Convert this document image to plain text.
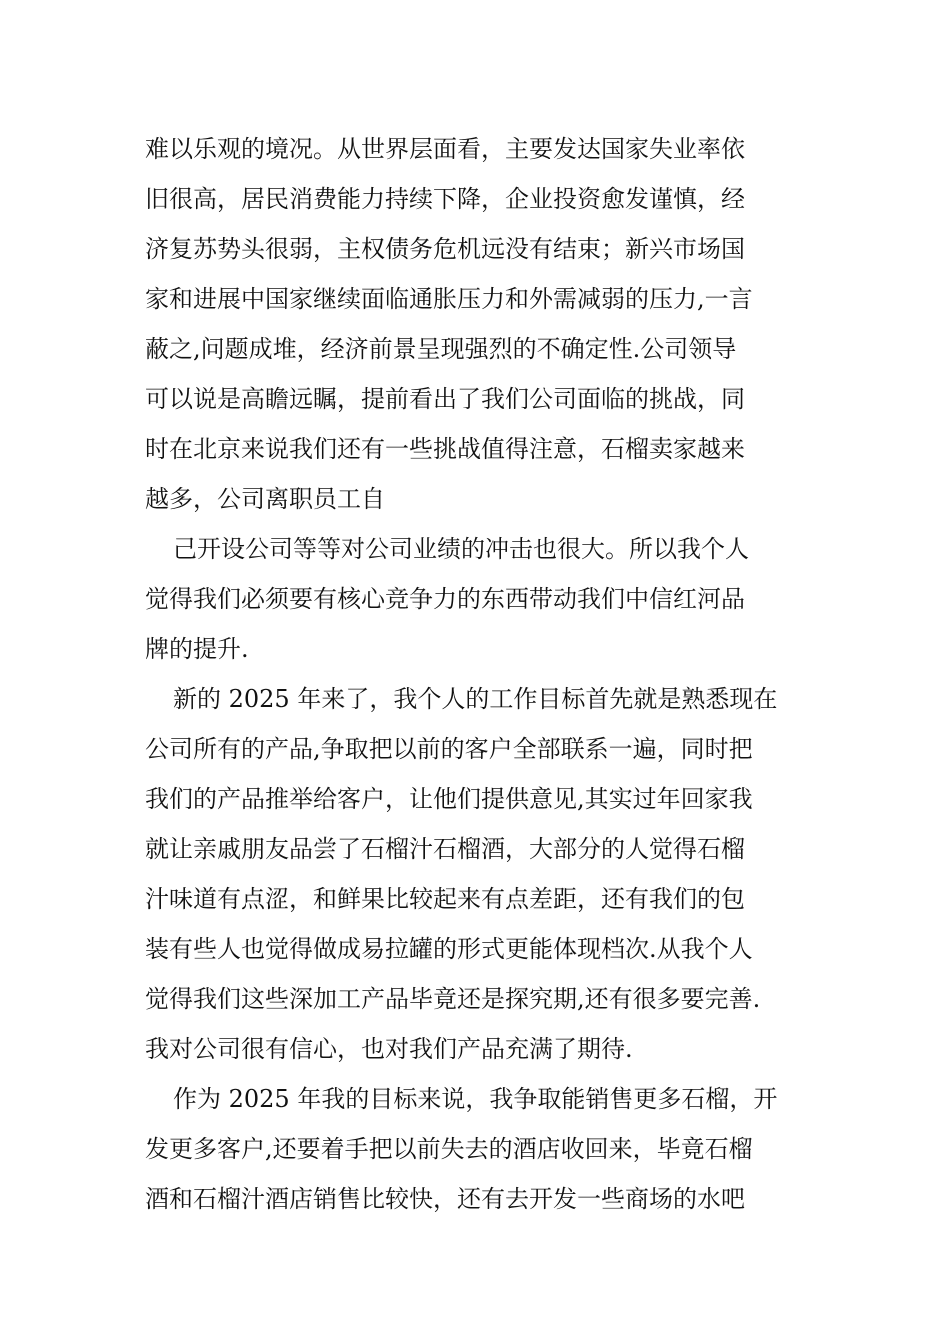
难以乐观的境况。从世界层面看，主要发达国家失业率依
旧很高，居民消费能力持续下降，企业投资愈发谨慎，经
济复苏势头很弱，主权债务危机远没有结束；新兴市场国
家和进展中国家继续面临通胀压力和外需减弱的压力,一言
蔽之,问题成堆，经济前景呈现强烈的不确定性.公司领导
可以说是高瞻远瞩，提前看出了我们公司面临的挑战，同
时在北京来说我们还有一些挑战值得注意，石榴卖家越来
越多，公司离职员工自
己开设公司等等对公司业绩的冲击也很大。所以我个人
觉得我们必须要有核心竞争力的东西带动我们中信红河品
牌的提升.
新的 2025 年来了，我个人的工作目标首先就是熟悉现在
公司所有的产品,争取把以前的客户全部联系一遍，同时把
我们的产品推举给客户，让他们提供意见,其实过年回家我
就让亲戚朋友品尝了石榴汁石榴酒，大部分的人觉得石榴
汁味道有点涩，和鲜果比较起来有点差距，还有我们的包
装有些人也觉得做成易拉罐的形式更能体现档次.从我个人
觉得我们这些深加工产品毕竟还是探究期,还有很多要完善.
我对公司很有信心，也对我们产品充满了期待.
作为 2025 年我的目标来说，我争取能销售更多石榴，开
发更多客户,还要着手把以前失去的酒店收回来，毕竟石榴
酒和石榴汁酒店销售比较快，还有去开发一些商场的水吧
